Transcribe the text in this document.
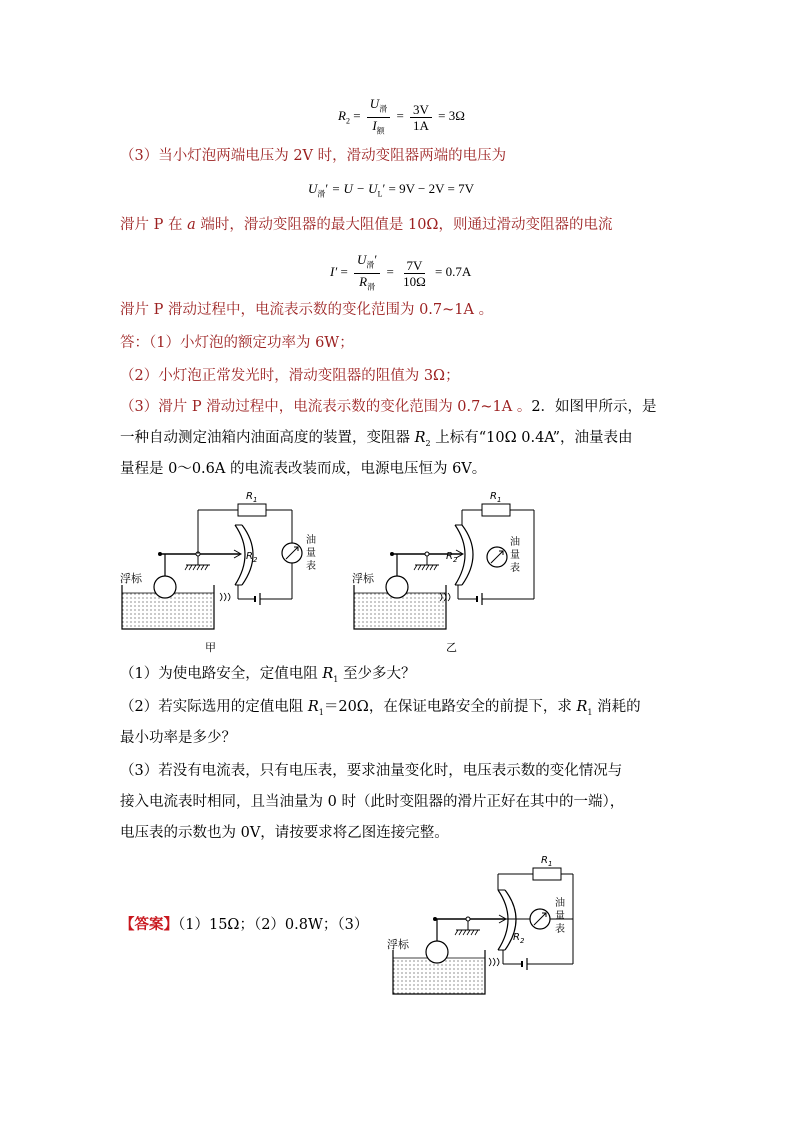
$R_2 = \frac{U_滑}{I_额} = \frac{3V}{1A} = 3\Omega$
（3）当小灯泡两端电压为 2V 时，滑动变阻器两端的电压为
$U_滑' = U - U_L' = 9V - 2V = 7V$
滑片 P 在 a 端时，滑动变阻器的最大阻值是 10Ω，则通过滑动变阻器的电流
$I' = \frac{U_滑'}{R_滑} = \frac{7V}{10\Omega} = 0.7A$
滑片 P 滑动过程中，电流表示数的变化范围为 0.7~1A 。
答：（1）小灯泡的额定功率为 6W；
（2）小灯泡正常发光时，滑动变阻器的阻值为 3Ω；
（3）滑片 P 滑动过程中，电流表示数的变化范围为 0.7~1A 。2．如图甲所示，是
一种自动测定油箱内油面高度的装置，变阻器 $R_2$ 上标有“10Ω 0.4A”，油量表由
量程是 0～0.6A 的电流表改装而成，电源电压恒为 6V。
浮标
$R_2$
$R_1$
油
量
表
甲
浮标
$R_2$
$R_1$
油
量
表
乙
（1）为使电路安全，定值电阻 $R_1$ 至少多大？
（2）若实际选用的定值电阻 $R_1=20\Omega$，在保证电路安全的前提下，求 $R_1$ 消耗的
最小功率是多少？
（3）若没有电流表，只有电压表，要求油量变化时，电压表示数的变化情况与
接入电流表时相同，且当油量为 0 时（此时变阻器的滑片正好在其中的一端），
电压表的示数也为 0V，请按要求将乙图连接完整。
【答案】（1）15Ω；（2）0.8W；（3）
浮标
$R_2$
$R_1$
油
量
表
